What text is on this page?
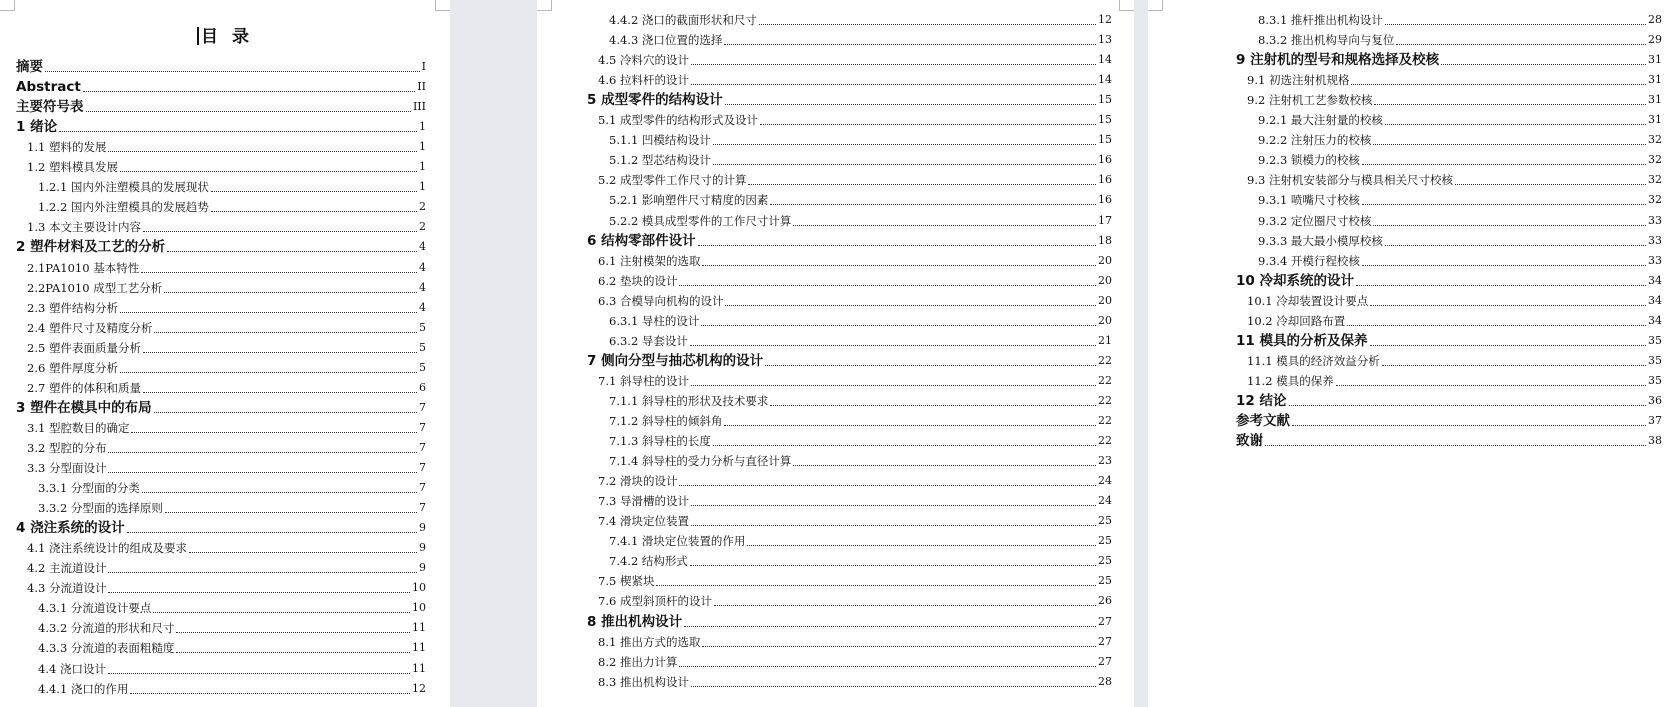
目 录
摘要	I
Abstract	II
主要符号表	III
1 绪论	1
1.1 塑料的发展	1
1.2 塑料模具发展	1
1.2.1 国内外注塑模具的发展现状	1
1.2.2 国内外注塑模具的发展趋势	2
1.3 本文主要设计内容	2
2 塑件材料及工艺的分析	4
2.1PA1010 基本特性	4
2.2PA1010 成型工艺分析	4
2.3 塑件结构分析	4
2.4 塑件尺寸及精度分析	5
2.5 塑件表面质量分析	5
2.6 塑件厚度分析	5
2.7 塑件的体积和质量	6
3 塑件在模具中的布局	7
3.1 型腔数目的确定	7
3.2 型腔的分布	7
3.3 分型面设计	7
3.3.1 分型面的分类	7
3.3.2 分型面的选择原则	7
4 浇注系统的设计	9
4.1 浇注系统设计的组成及要求	9
4.2 主流道设计	9
4.3 分流道设计	10
4.3.1 分流道设计要点	10
4.3.2 分流道的形状和尺寸	11
4.3.3 分流道的表面粗糙度	11
4.4 浇口设计	11
4.4.1 浇口的作用	12
4.4.2 浇口的截面形状和尺寸	12
4.4.3 浇口位置的选择	13
4.5 冷料穴的设计	14
4.6 拉料杆的设计	14
5 成型零件的结构设计	15
5.1 成型零件的结构形式及设计	15
5.1.1 凹模结构设计	15
5.1.2 型芯结构设计	16
5.2 成型零件工作尺寸的计算	16
5.2.1 影响塑件尺寸精度的因素	16
5.2.2 模具成型零件的工作尺寸计算	17
6 结构零部件设计	18
6.1 注射模架的选取	20
6.2 垫块的设计	20
6.3 合模导向机构的设计	20
6.3.1 导柱的设计	20
6.3.2 导套设计	21
7 侧向分型与抽芯机构的设计	22
7.1 斜导柱的设计	22
7.1.1 斜导柱的形状及技术要求	22
7.1.2 斜导柱的倾斜角	22
7.1.3 斜导柱的长度	22
7.1.4 斜导柱的受力分析与直径计算	23
7.2 滑块的设计	24
7.3 导滑槽的设计	24
7.4 滑块定位装置	25
7.4.1 滑块定位装置的作用	25
7.4.2 结构形式	25
7.5 楔紧块	25
7.6 成型斜顶杆的设计	26
8 推出机构设计	27
8.1 推出方式的选取	27
8.2 推出力计算	27
8.3 推出机构设计	28
8.3.1 推杆推出机构设计	28
8.3.2 推出机构导向与复位	29
9 注射机的型号和规格选择及校核	31
9.1 初选注射机规格	31
9.2 注射机工艺参数校核	31
9.2.1 最大注射量的校核	31
9.2.2 注射压力的校核	32
9.2.3 锁模力的校核	32
9.3 注射机安装部分与模具相关尺寸校核	32
9.3.1 喷嘴尺寸校核	32
9.3.2 定位圈尺寸校核	33
9.3.3 最大最小模厚校核	33
9.3.4 开模行程校核	33
10 冷却系统的设计	34
10.1 冷却装置设计要点	34
10.2 冷却回路布置	34
11 模具的分析及保养	35
11.1 模具的经济效益分析	35
11.2 模具的保养	35
12 结论	36
参考文献	37
致谢	38
